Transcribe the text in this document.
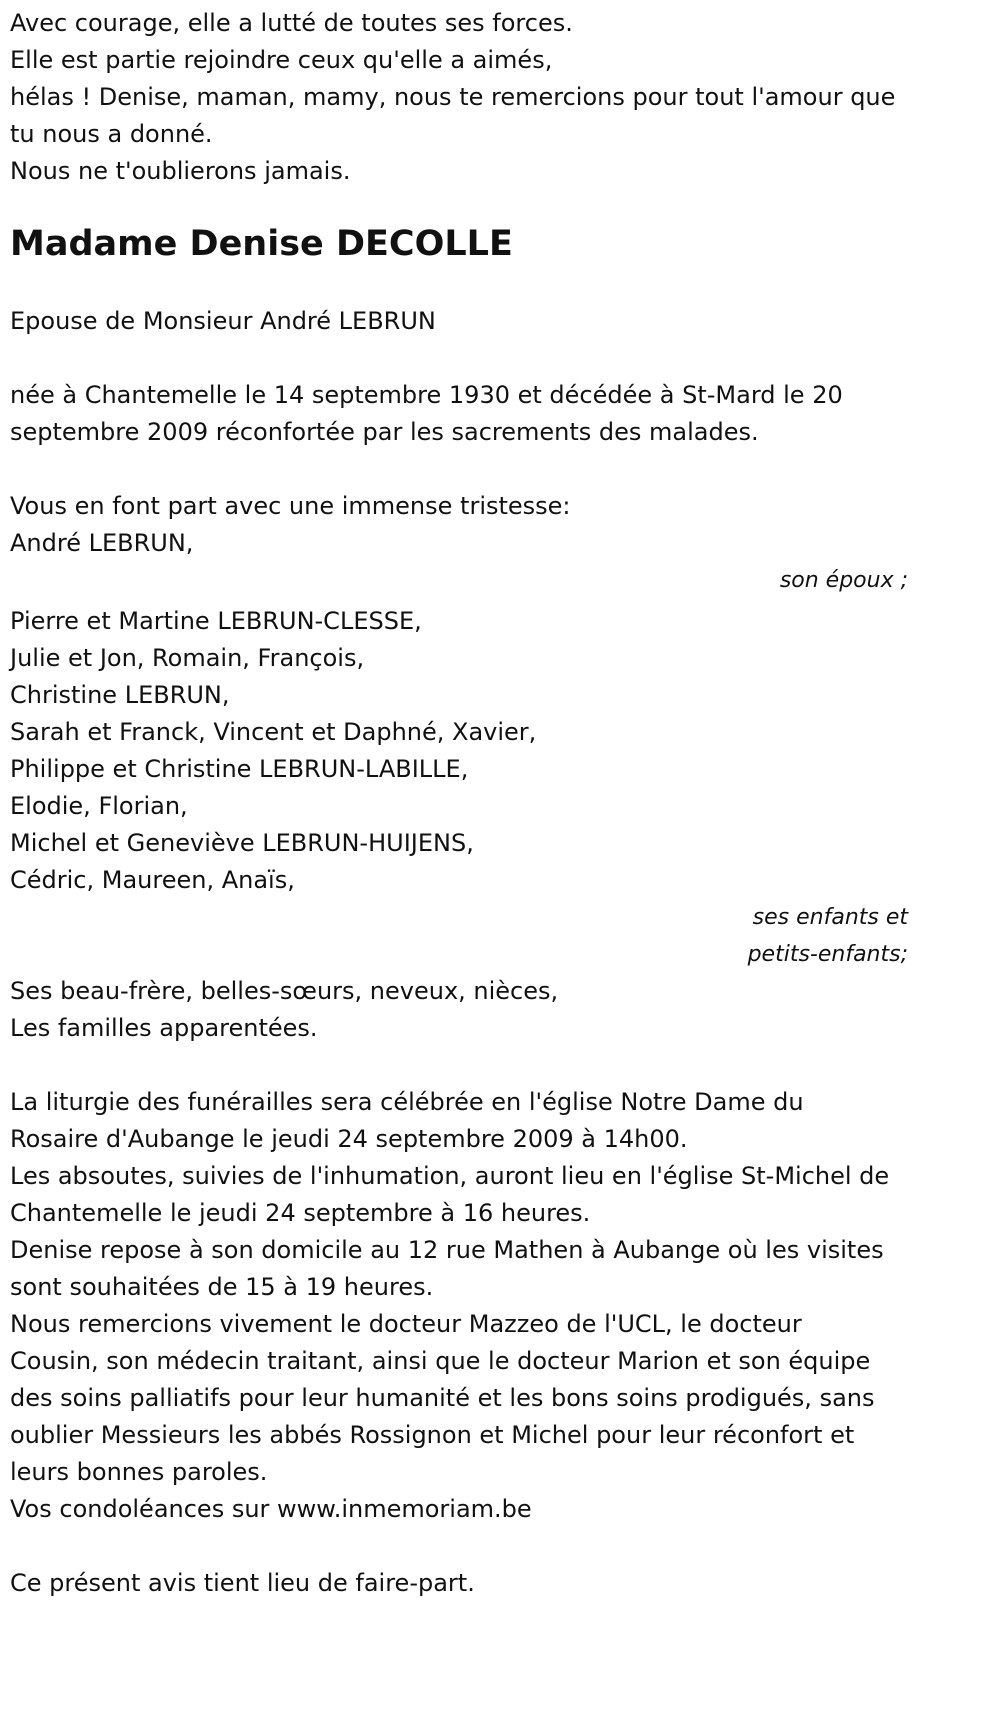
Avec courage, elle a lutté de toutes ses forces.
Elle est partie rejoindre ceux qu'elle a aimés,
hélas ! Denise, maman, mamy, nous te remercions pour tout l'amour que
tu nous a donné.
Nous ne t'oublierons jamais.
Madame Denise DECOLLE
Epouse de Monsieur André LEBRUN
née à Chantemelle le 14 septembre 1930 et décédée à St-Mard le 20
septembre 2009 réconfortée par les sacrements des malades.
Vous en font part avec une immense tristesse:
André LEBRUN,
son époux ;
Pierre et Martine LEBRUN-CLESSE,
Julie et Jon, Romain, François,
Christine LEBRUN,
Sarah et Franck, Vincent et Daphné, Xavier,
Philippe et Christine LEBRUN-LABILLE,
Elodie, Florian,
Michel et Geneviève LEBRUN-HUIJENS,
Cédric, Maureen, Anaïs,
ses enfants et
petits-enfants;
Ses beau-frère, belles-sœurs, neveux, nièces,
Les familles apparentées.
La liturgie des funérailles sera célébrée en l'église Notre Dame du
Rosaire d'Aubange le jeudi 24 septembre 2009 à 14h00.
Les absoutes, suivies de l'inhumation, auront lieu en l'église St-Michel de
Chantemelle le jeudi 24 septembre à 16 heures.
Denise repose à son domicile au 12 rue Mathen à Aubange où les visites
sont souhaitées de 15 à 19 heures.
Nous remercions vivement le docteur Mazzeo de l'UCL, le docteur
Cousin, son médecin traitant, ainsi que le docteur Marion et son équipe
des soins palliatifs pour leur humanité et les bons soins prodigués, sans
oublier Messieurs les abbés Rossignon et Michel pour leur réconfort et
leurs bonnes paroles.
Vos condoléances sur www.inmemoriam.be
Ce présent avis tient lieu de faire-part.
